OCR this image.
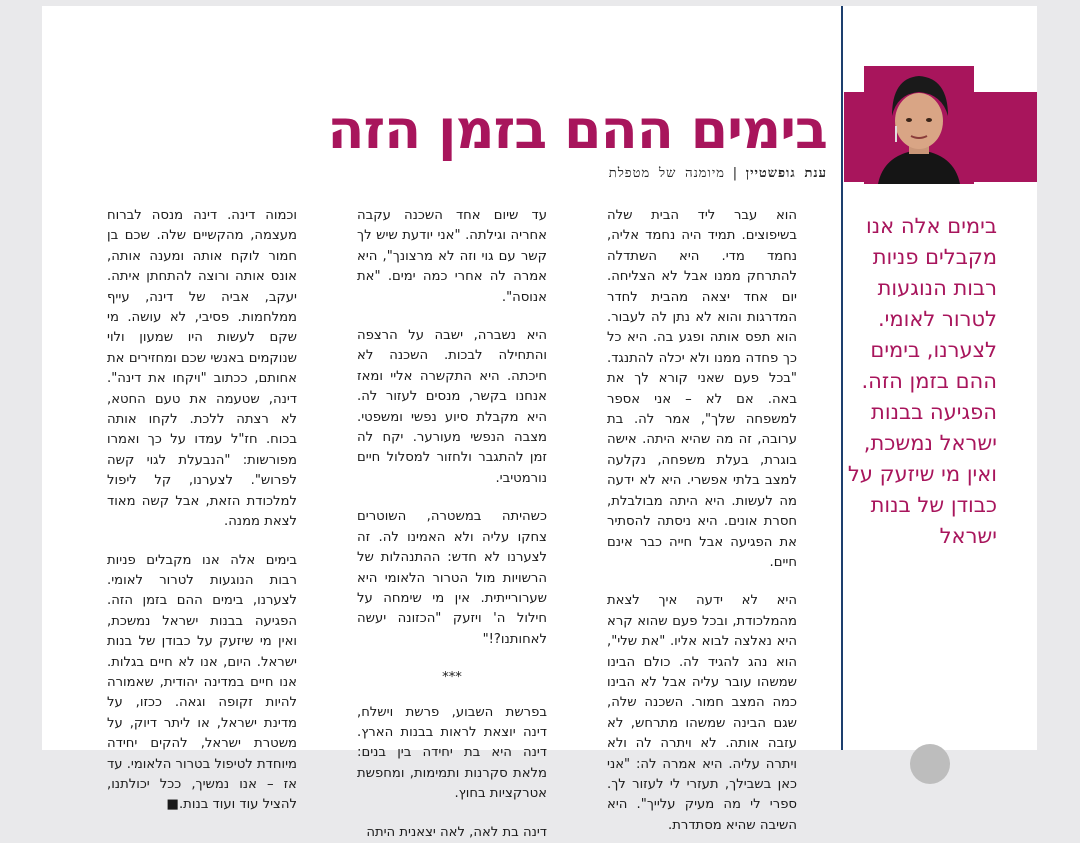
בימים ההם בזמן הזה
ענת גופשטיין|מיומנה של מטפלת

בימים אלה אנו מקבלים פניות רבות הנוגעות לטרור לאומי. לצערנו, בימים ההם בזמן הזה. הפגיעה בבנות ישראל נמשכת, ואין מי שיזעק על כבודן של בנות ישראל

הוא עבר ליד הבית שלה בשיפוצים. תמיד היה נחמד אליה, נחמד מדי. היא השתדלה להתרחק ממנו אבל לא הצליחה. יום אחד יצאה מהבית לחדר המדרגות והוא לא נתן לה לעבור. הוא תפס אותה ופגע בה. היא כל כך פחדה ממנו ולא יכלה להתנגד. "בכל פעם שאני קורא לך את באה. אם לא – אני אספר למשפחה שלך", אמר לה. בת ערובה, זה מה שהיא היתה. אישה בוגרת, בעלת משפחה, נקלעה למצב בלתי אפשרי. היא לא ידעה מה לעשות. היא היתה מבולבלת, חסרת אונים. היא ניסתה להסתיר את הפגיעה אבל חייה כבר אינם חיים.

היא לא ידעה איך לצאת מהמלכודת, ובכל פעם שהוא קרא היא נאלצה לבוא אליו. "את שלי", הוא נהג להגיד לה. כולם הבינו שמשהו עובר עליה אבל לא הבינו כמה המצב חמור. השכנה שלה, שגם הבינה שמשהו מתרחש, לא עזבה אותה. לא ויתרה לה ולא ויתרה עליה. היא אמרה לה: "אני כאן בשבילך, תעזרי לי לעזור לך. ספרי לי מה מעיק עלייך". היא השיבה שהיא מסתדרת.

עד שיום אחד השכנה עקבה אחריה וגילתה. "אני יודעת שיש לך קשר עם גוי וזה לא מרצונך", היא אמרה לה אחרי כמה ימים. "את אנוסה".

היא נשברה, ישבה על הרצפה והתחילה לבכות. השכנה לא חיכתה. היא התקשרה אליי ומאז אנחנו בקשר, מנסים לעזור לה. היא מקבלת סיוע נפשי ומשפטי. מצבה הנפשי מעורער. יקח לה זמן להתגבר ולחזור למסלול חיים נורמטיבי.

כשהיתה במשטרה, השוטרים צחקו עליה ולא האמינו לה. זה לצערנו לא חדש: ההתנהלות של הרשויות מול הטרור הלאומי היא שערורייתית. אין מי שימחה על חילול ה' ויזעק "הכזונה יעשה לאחותנו?!"

***

בפרשת השבוע, פרשת וישלח, דינה יוצאת לראות בבנות הארץ. דינה היא בת יחידה בין בנים: מלאת סקרנות ותמימות, ומחפשת אטרקציות בחוץ.

דינה בת לאה, לאה יצאנית היתה

וכמוה דינה. דינה מנסה לברוח מעצמה, מהקשיים שלה. שכם בן חמור לוקח אותה ומענה אותה, אונס אותה ורוצה להתחתן איתה. יעקב, אביה של דינה, עייף ממלחמות. פסיבי, לא עושה. מי שקם לעשות היו שמעון ולוי שנוקמים באנשי שכם ומחזירים את אחותם, ככתוב "ויקחו את דינה". דינה, שטעמה את טעם החטא, לא רצתה ללכת. לקחו אותה בכוח. חז"ל עמדו על כך ואמרו מפורשות: "הנבעלת לגוי קשה לפרוש". לצערנו, קל ליפול למלכודת הזאת, אבל קשה מאוד לצאת ממנה.

בימים אלה אנו מקבלים פניות רבות הנוגעות לטרור לאומי. לצערנו, בימים ההם בזמן הזה. הפגיעה בבנות ישראל נמשכת, ואין מי שיזעק על כבודן של בנות ישראל. היום, אנו לא חיים בגלות. אנו חיים במדינה יהודית, שאמורה להיות זקופה וגאה. ככזו, על מדינת ישראל, או ליתר דיוק, על משטרת ישראל, להקים יחידה מיוחדת לטיפול בטרור הלאומי. עד אז – אנו נמשיך, ככל יכולתנו, להציל עוד ועוד בנות.■
